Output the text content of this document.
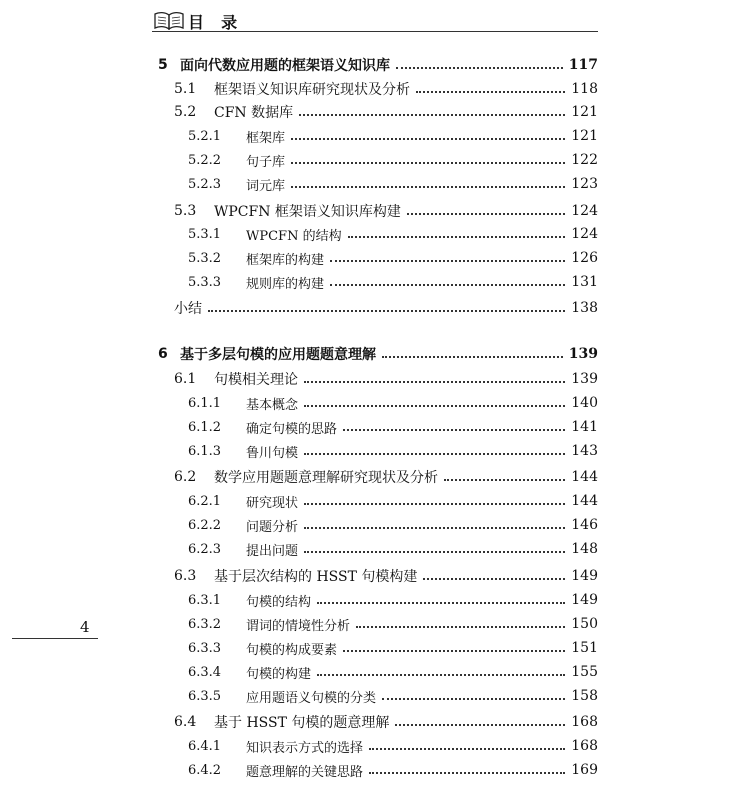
目  录
5 面向代数应用题的框架语义知识库	117
5.1	框架语义知识库研究现状及分析	118
5.2	CFN 数据库	121
5.2.1	框架库	121
5.2.2	句子库	122
5.2.3	词元库	123
5.3	WPCFN 框架语义知识库构建	124
5.3.1	WPCFN 的结构	124
5.3.2	框架库的构建	126
5.3.3	规则库的构建	131
小结	138
6 基于多层句模的应用题题意理解	139
6.1	句模相关理论	139
6.1.1	基本概念	140
6.1.2	确定句模的思路	141
6.1.3	鲁川句模	143
6.2	数学应用题题意理解研究现状及分析	144
6.2.1	研究现状	144
6.2.2	问题分析	146
6.2.3	提出问题	148
6.3	基于层次结构的 HSST 句模构建	149
6.3.1	句模的结构	149
6.3.2	谓词的情境性分析	150
6.3.3	句模的构成要素	151
6.3.4	句模的构建	155
6.3.5	应用题语义句模的分类	158
6.4	基于 HSST 句模的题意理解	168
6.4.1	知识表示方式的选择	168
6.4.2	题意理解的关键思路	169
4
